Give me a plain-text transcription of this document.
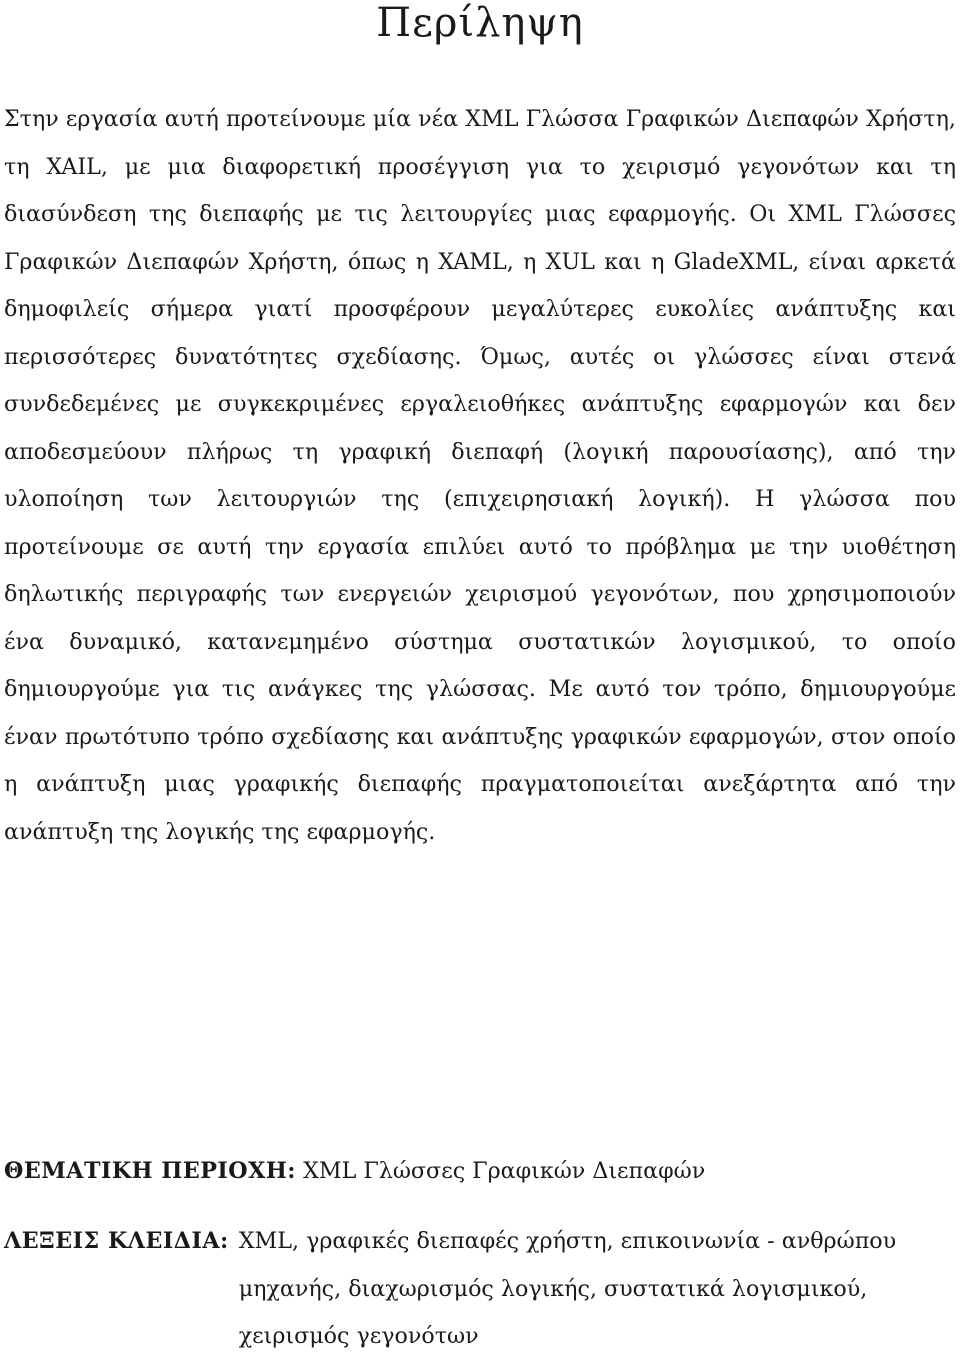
Περίληψη

Στην εργασία αυτή προτείνουμε μία νέα XML Γλώσσα Γραφικών Διεπαφών Χρήστη, τη XAIL, με μια διαφορετική προσέγγιση για το χειρισμό γεγονότων και τη διασύνδεση της διεπαφής με τις λειτουργίες μιας εφαρμογής. Οι XML Γλώσσες Γραφικών Διεπαφών Χρήστη, όπως η XAML, η XUL και η GladeXML, είναι αρκετά δημοφιλείς σήμερα γιατί προσφέρουν μεγαλύτερες ευκολίες ανάπτυξης και περισσότερες δυνατότητες σχεδίασης. Όμως, αυτές οι γλώσσες είναι στενά συνδεδεμένες με συγκεκριμένες εργαλειοθήκες ανάπτυξης εφαρμογών και δεν αποδεσμεύουν πλήρως τη γραφική διεπαφή (λογική παρουσίασης), από την υλοποίηση των λειτουργιών της (επιχειρησιακή λογική). Η γλώσσα που προτείνουμε σε αυτή την εργασία επιλύει αυτό το πρόβλημα με την υιοθέτηση δηλωτικής περιγραφής των ενεργειών χειρισμού γεγονότων, που χρησιμοποιούν ένα δυναμικό, κατανεμημένο σύστημα συστατικών λογισμικού, το οποίο δημιουργούμε για τις ανάγκες της γλώσσας. Με αυτό τον τρόπο, δημιουργούμε έναν πρωτότυπο τρόπο σχεδίασης και ανάπτυξης γραφικών εφαρμογών, στον οποίο η ανάπτυξη μιας γραφικής διεπαφής πραγματοποιείται ανεξάρτητα από την ανάπτυξη της λογικής της εφαρμογής.

ΘΕΜΑΤΙΚΗ ΠΕΡΙΟΧΗ: XML Γλώσσες Γραφικών Διεπαφών
ΛΕΞΕΙΣ ΚΛΕΙΔΙΑ: XML, γραφικές διεπαφές χρήστη, επικοινωνία - ανθρώπου μηχανής, διαχωρισμός λογικής, συστατικά λογισμικού, χειρισμός γεγονότων
